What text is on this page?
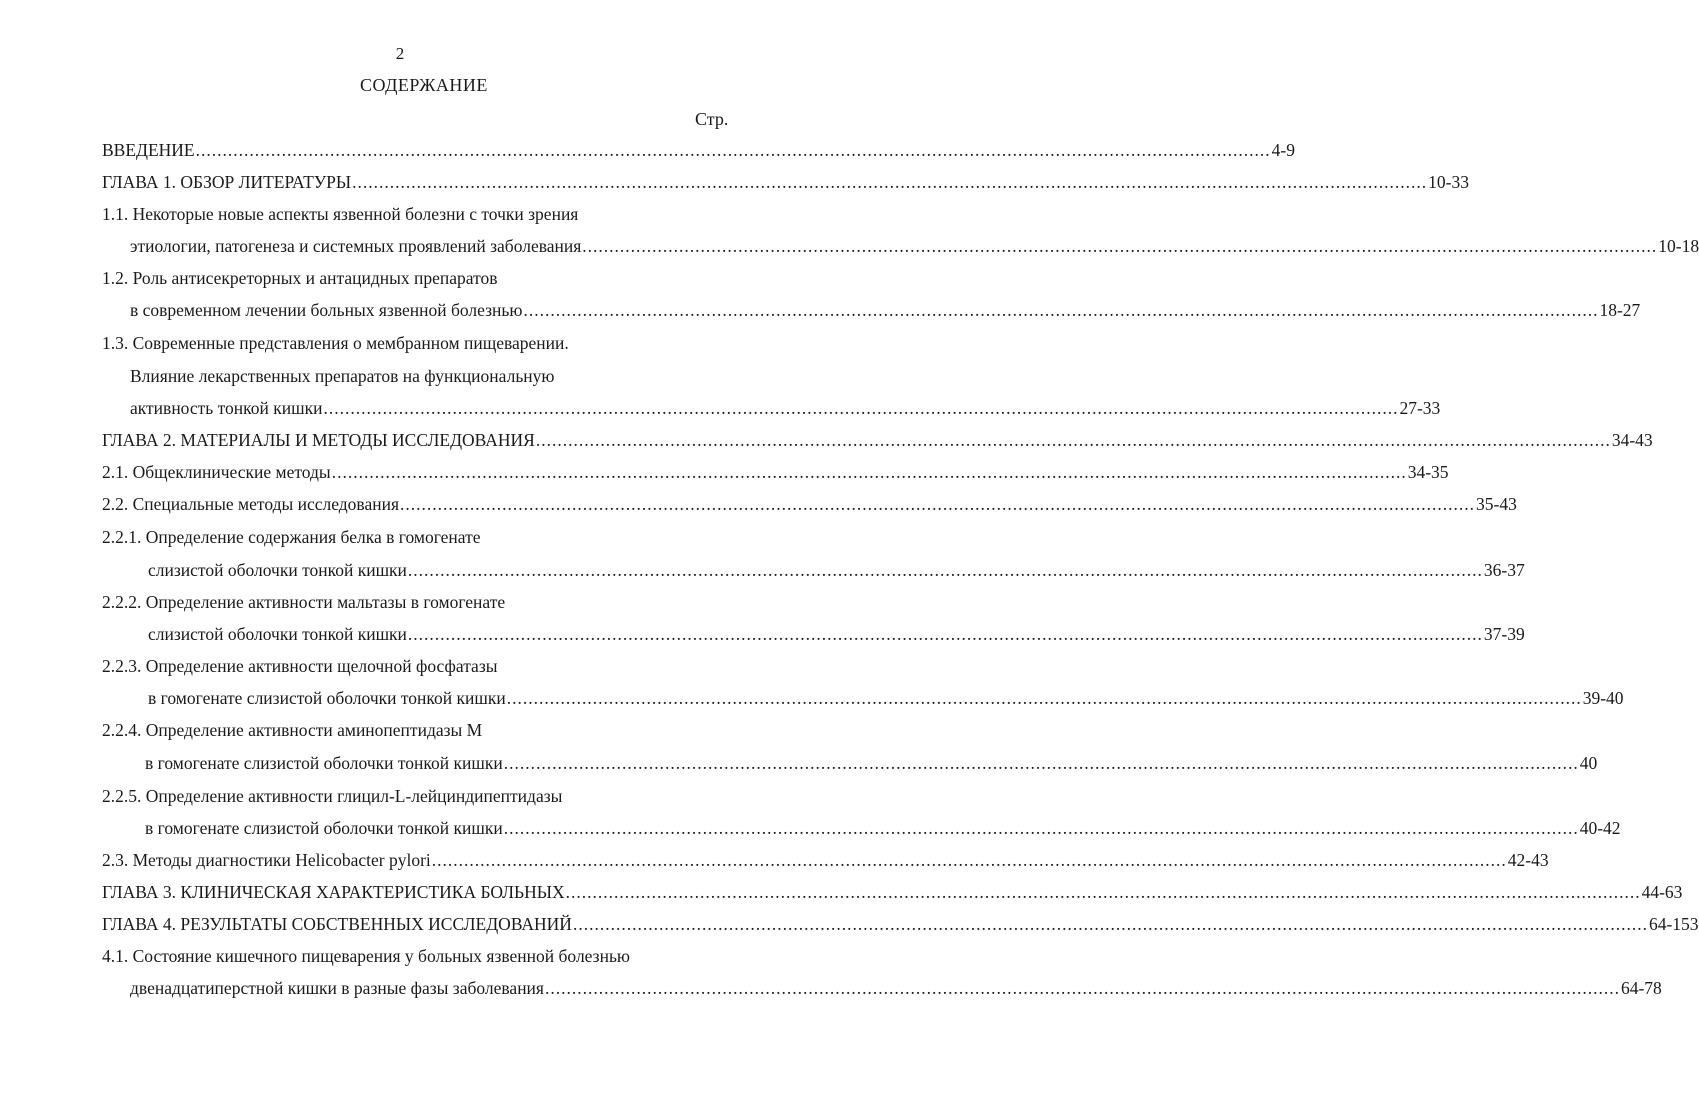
2
СОДЕРЖАНИЕ
Стр.
ВВЕДЕНИЕ ........................................................................................................................................................................................................ 4-9
ГЛАВА 1. ОБЗОР ЛИТЕРАТУРЫ ........................................................................................................................................................................................................ 10-33
1.1. Некоторые новые аспекты язвенной болезни с точки зрения
этиологии, патогенеза и системных проявлений заболевания ........................................................................................................................................................................................................ 10-18
1.2. Роль антисекреторных и антацидных препаратов
в современном лечении больных язвенной болезнью ........................................................................................................................................................................................................ 18-27
1.3. Современные представления о мембранном пищеварении.
Влияние лекарственных препаратов на функциональную
активность тонкой кишки ........................................................................................................................................................................................................ 27-33
ГЛАВА 2. МАТЕРИАЛЫ И МЕТОДЫ ИССЛЕДОВАНИЯ ........................................................................................................................................................................................................ 34-43
2.1. Общеклинические методы ........................................................................................................................................................................................................ 34-35
2.2. Специальные методы исследования ........................................................................................................................................................................................................ 35-43
2.2.1. Определение содержания белка в гомогенате
слизистой оболочки тонкой кишки ........................................................................................................................................................................................................ 36-37
2.2.2. Определение активности мальтазы в гомогенате
слизистой оболочки тонкой кишки ........................................................................................................................................................................................................ 37-39
2.2.3. Определение активности щелочной фосфатазы
в гомогенате слизистой оболочки тонкой кишки ........................................................................................................................................................................................................ 39-40
2.2.4. Определение активности аминопептидазы М
в гомогенате слизистой оболочки тонкой кишки ........................................................................................................................................................................................................ 40
2.2.5. Определение активности глицил-L-лейциндипептидазы
в гомогенате слизистой оболочки тонкой кишки ........................................................................................................................................................................................................ 40-42
2.3. Методы диагностики Helicobacter pylori ........................................................................................................................................................................................................ 42-43
ГЛАВА 3. КЛИНИЧЕСКАЯ ХАРАКТЕРИСТИКА БОЛЬНЫХ ........................................................................................................................................................................................................ 44-63
ГЛАВА 4. РЕЗУЛЬТАТЫ СОБСТВЕННЫХ ИССЛЕДОВАНИЙ ........................................................................................................................................................................................................ 64-153
4.1. Состояние кишечного пищеварения у больных язвенной болезнью
двенадцатиперстной кишки в разные фазы заболевания ........................................................................................................................................................................................................ 64-78
